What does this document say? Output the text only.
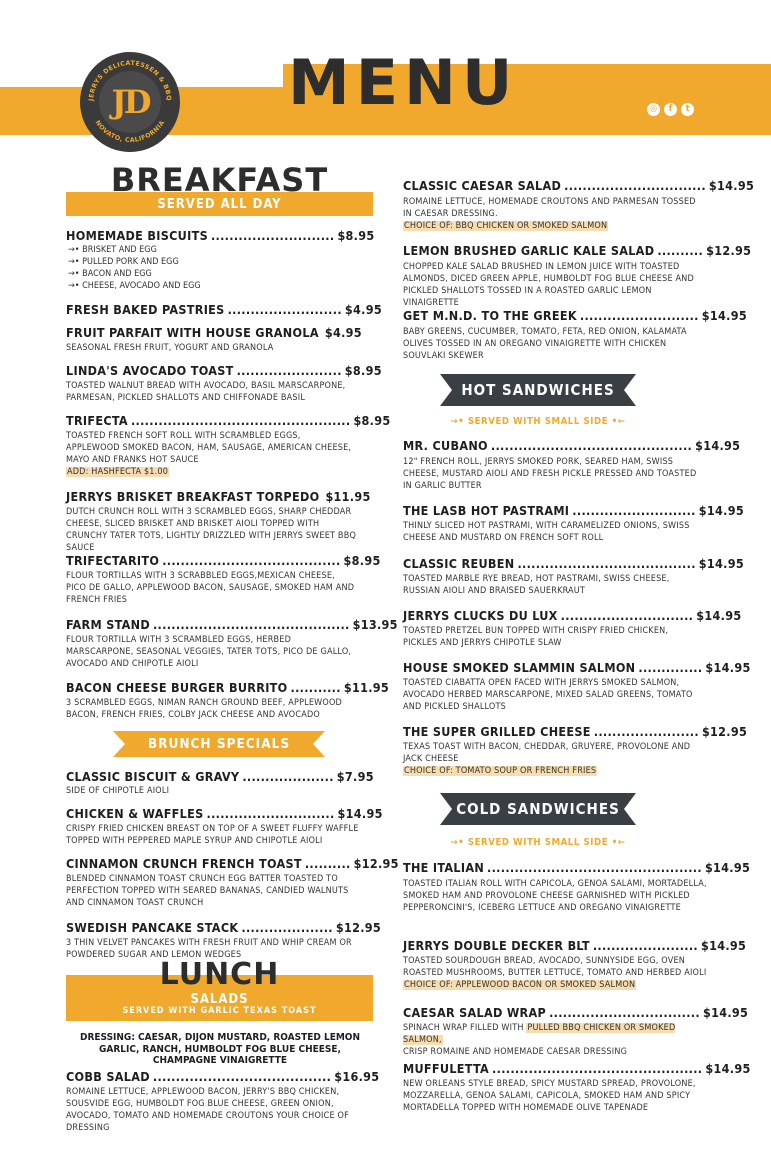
MENU
JERRYS DELICATESSEN & BBQ
NOVATO, CALIFORNIA
JD	◎	f	t
BREAKFAST
SERVED ALL DAY
HOMEMADE BISCUITS ........................... $8.95
→• BRISKET AND EGG
→• PULLED PORK AND EGG
→• BACON AND EGG
→• CHEESE, AVOCADO AND EGG
FRESH BAKED PASTRIES ......................... $4.95
FRUIT PARFAIT WITH HOUSE GRANOLA $4.95
SEASONAL FRESH FRUIT, YOGURT AND GRANOLA
LINDA'S AVOCADO TOAST ....................... $8.95
TOASTED WALNUT BREAD WITH AVOCADO, BASIL MARSCARPONE, PARMESAN, PICKLED SHALLOTS AND CHIFFONADE BASIL
TRIFECTA ................................................ $8.95
TOASTED FRENCH SOFT ROLL WITH SCRAMBLED EGGS, APPLEWOOD SMOKED BACON, HAM, SAUSAGE, AMERICAN CHEESE, MAYO AND FRANKS HOT SAUCE
ADD: HASHFECTA $1.00
JERRYS BRISKET BREAKFAST TORPEDO $11.95
DUTCH CRUNCH ROLL WITH 3 SCRAMBLED EGGS, SHARP CHEDDAR CHEESE, SLICED BRISKET AND BRISKET AIOLI TOPPED WITH CRUNCHY TATER TOTS, LIGHTLY DRIZZLED WITH JERRYS SWEET BBQ SAUCE
TRIFECTARITO ....................................... $8.95
FLOUR TORTILLAS WITH 3 SCRABBLED EGGS,MEXICAN CHEESE, PICO DE GALLO, APPLEWOOD BACON, SAUSAGE, SMOKED HAM AND FRENCH FRIES
FARM STAND ........................................... $13.95
FLOUR TORTILLA WITH 3 SCRAMBLED EGGS, HERBED MARSCARPONE, SEASONAL VEGGIES, TATER TOTS, PICO DE GALLO, AVOCADO AND CHIPOTLE AIOLI
BACON CHEESE BURGER BURRITO ........... $11.95
3 SCRAMBLED EGGS, NIMAN RANCH GROUND BEEF, APPLEWOOD BACON, FRENCH FRIES, COLBY JACK CHEESE AND AVOCADO
CLASSIC BISCUIT & GRAVY .................... $7.95
SIDE OF CHIPOTLE AIOLI
CHICKEN & WAFFLES ............................ $14.95
CRISPY FRIED CHICKEN BREAST ON TOP OF A SWEET FLUFFY WAFFLE TOPPED WITH PEPPERED MAPLE SYRUP AND CHIPOTLE AIOLI
CINNAMON CRUNCH FRENCH TOAST .......... $12.95
BLENDED CINNAMON TOAST CRUNCH EGG BATTER TOASTED TO PERFECTION TOPPED WITH SEARED BANANAS, CANDIED WALNUTS AND CINNAMON TOAST CRUNCH
SWEDISH PANCAKE STACK .................... $12.95
3 THIN VELVET PANCAKES WITH FRESH FRUIT AND WHIP CREAM OR POWDERED SUGAR AND LEMON WEDGES
COBB SALAD ....................................... $16.95
ROMAINE LETTUCE, APPLEWOOD BACON, JERRY'S BBQ CHICKEN, SOUSVIDE EGG, HUMBOLDT FOG BLUE CHEESE, GREEN ONION, AVOCADO, TOMATO AND HOMEMADE CROUTONS YOUR CHOICE OF DRESSING
BRUNCH SPECIALS
LUNCH
SALADS
SERVED WITH GARLIC TEXAS TOAST
DRESSING: CAESAR, DIJON MUSTARD, ROASTED LEMON GARLIC, RANCH, HUMBOLDT FOG BLUE CHEESE, CHAMPAGNE VINAIGRETTE
CLASSIC CAESAR SALAD ............................... $14.95
ROMAINE LETTUCE, HOMEMADE CROUTONS AND PARMESAN TOSSED IN CAESAR DRESSING.
CHOICE OF: BBQ CHICKEN OR SMOKED SALMON
LEMON BRUSHED GARLIC KALE SALAD .......... $12.95
CHOPPED KALE SALAD BRUSHED IN LEMON JUICE WITH TOASTED ALMONDS, DICED GREEN APPLE, HUMBOLDT FOG BLUE CHEESE AND PICKLED SHALLOTS TOSSED IN A ROASTED GARLIC LEMON VINAIGRETTE
GET M.N.D. TO THE GREEK .......................... $14.95
BABY GREENS, CUCUMBER, TOMATO, FETA, RED ONION, KALAMATA OLIVES TOSSED IN AN OREGANO VINAIGRETTE WITH CHICKEN SOUVLAKI SKEWER
MR. CUBANO ............................................ $14.95
12" FRENCH ROLL, JERRYS SMOKED PORK, SEARED HAM, SWISS CHEESE, MUSTARD AIOLI AND FRESH PICKLE PRESSED AND TOASTED IN GARLIC BUTTER
THE LASB HOT PASTRAMI ........................... $14.95
THINLY SLICED HOT PASTRAMI, WITH CARAMELIZED ONIONS, SWISS CHEESE AND MUSTARD ON FRENCH SOFT ROLL
CLASSIC REUBEN ....................................... $14.95
TOASTED MARBLE RYE BREAD, HOT PASTRAMI, SWISS CHEESE, RUSSIAN AIOLI AND BRAISED SAUERKRAUT
JERRYS CLUCKS DU LUX ............................. $14.95
TOASTED PRETZEL BUN TOPPED WITH CRISPY FRIED CHICKEN, PICKLES AND JERRYS CHIPOTLE SLAW
HOUSE SMOKED SLAMMIN SALMON .............. $14.95
TOASTED CIABATTA OPEN FACED WITH JERRYS SMOKED SALMON, AVOCADO HERBED MARSCARPONE, MIXED SALAD GREENS, TOMATO AND PICKLED SHALLOTS
THE SUPER GRILLED CHEESE ....................... $12.95
TEXAS TOAST WITH BACON, CHEDDAR, GRUYERE, PROVOLONE AND JACK CHEESE
CHOICE OF: TOMATO SOUP OR FRENCH FRIES
THE ITALIAN ............................................... $14.95
TOASTED ITALIAN ROLL WITH CAPICOLA, GENOA SALAMI, MORTADELLA, SMOKED HAM AND PROVOLONE CHEESE GARNISHED WITH PICKLED PEPPERONCINI'S, ICEBERG LETTUCE AND OREGANO VINAIGRETTE
JERRYS DOUBLE DECKER BLT ....................... $14.95
TOASTED SOURDOUGH BREAD, AVOCADO, SUNNYSIDE EGG, OVEN ROASTED MUSHROOMS, BUTTER LETTUCE, TOMATO AND HERBED AIOLI
CHOICE OF: APPLEWOOD BACON OR SMOKED SALMON
CAESAR SALAD WRAP ................................. $14.95
SPINACH WRAP FILLED WITH PULLED BBQ CHICKEN OR SMOKED SALMON,
CRISP ROMAINE AND HOMEMADE CAESAR DRESSING
MUFFULETTA .............................................. $14.95
NEW ORLEANS STYLE BREAD, SPICY MUSTARD SPREAD, PROVOLONE, MOZZARELLA, GENOA SALAMI, CAPICOLA, SMOKED HAM AND SPICY MORTADELLA TOPPED WITH HOMEMADE OLIVE TAPENADE
HOT SANDWICHES
→• SERVED WITH SMALL SIDE •←
COLD SANDWICHES
→• SERVED WITH SMALL SIDE •←
